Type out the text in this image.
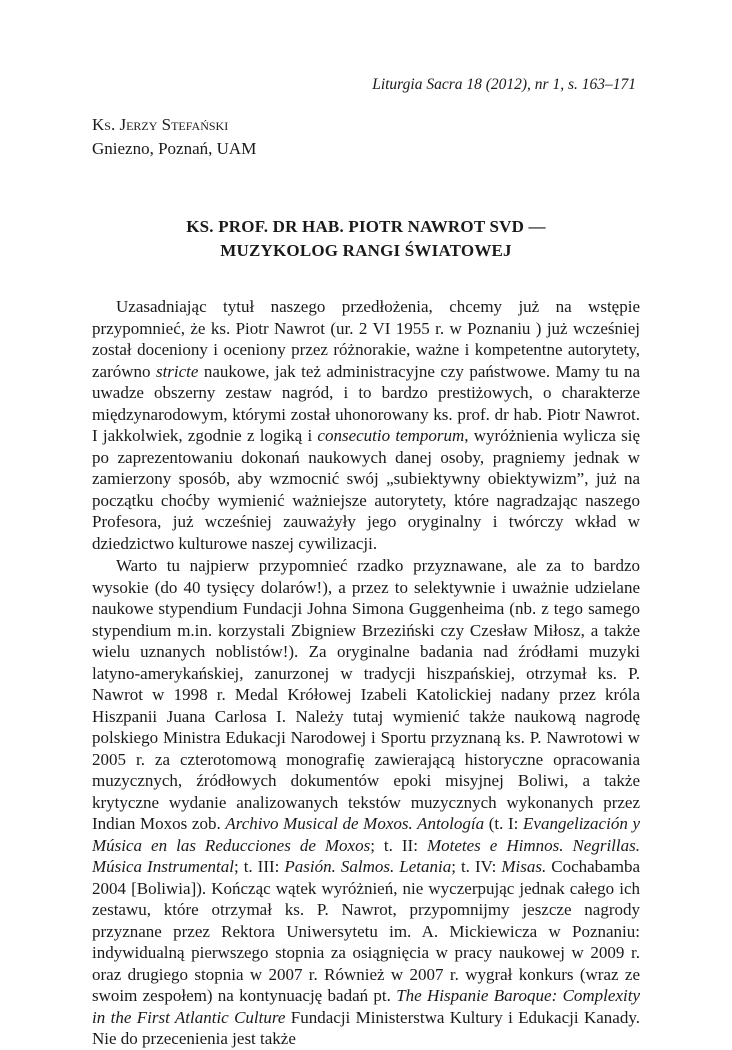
Liturgia Sacra 18 (2012), nr 1, s. 163–171
Ks. Jerzy Stefański
Gniezno, Poznań, UAM
KS. PROF. DR HAB. PIOTR NAWROT SVD —
MUZYKOLOG RANGI ŚWIATOWEJ

Uzasadniając tytuł naszego przedłożenia, chcemy już na wstępie przypomnieć, że ks. Piotr Nawrot (ur. 2 VI 1955 r. w Poznaniu ) już wcześniej został doceniony i oceniony przez różnorakie, ważne i kompetentne autorytety, zarówno stricte naukowe, jak też administracyjne czy państwowe. Mamy tu na uwadze obszerny zestaw nagród, i to bardzo prestiżowych, o charakterze międzynarodowym, którymi został uhonorowany ks. prof. dr hab. Piotr Nawrot. I jakkolwiek, zgodnie z logiką i consecutio temporum, wyróżnienia wylicza się po zaprezentowaniu dokonań naukowych danej osoby, pragniemy jednak w zamierzony sposób, aby wzmocnić swój „subiektywny obiektywizm”, już na początku choćby wymienić ważniejsze autorytety, które nagradzając naszego Profesora, już wcześniej zauważyły jego oryginalny i twórczy wkład w dziedzictwo kulturowe naszej cywilizacji.

Warto tu najpierw przypomnieć rzadko przyznawane, ale za to bardzo wysokie (do 40 tysięcy dolarów!), a przez to selektywnie i uważnie udzielane naukowe stypendium Fundacji Johna Simona Guggenheima (nb. z tego samego stypendium m.in. korzystali Zbigniew Brzeziński czy Czesław Miłosz, a także wielu uznanych noblistów!). Za oryginalne badania nad źródłami muzyki latyno-amerykańskiej, zanurzonej w tradycji hiszpańskiej, otrzymał ks. P. Nawrot w 1998 r. Medal Krółowej Izabeli Katolickiej nadany przez króla Hiszpanii Juana Carlosa I. Należy tutaj wymienić także naukową nagrodę polskiego Ministra Edukacji Narodowej i Sportu przyznaną ks. P. Nawrotowi w 2005 r. za czterotomową monografię zawierającą historyczne opracowania muzycznych, źródłowych dokumentów epoki misyjnej Boliwi, a także krytyczne wydanie analizowanych tekstów muzycznych wykonanych przez Indian Moxos zob. Archivo Musical de Moxos. Antología (t. I: Evangelización y Música en las Reducciones de Moxos; t. II: Motetes e Himnos. Negrillas. Música Instrumental; t. III: Pasión. Salmos. Letania; t. IV: Misas. Cochabamba 2004 [Boliwia]). Kończąc wątek wyróżnień, nie wyczerpując jednak całego ich zestawu, które otrzymał ks. P. Nawrot, przypomnijmy jeszcze nagrody przyznane przez Rektora Uniwersytetu im. A. Mickiewicza w Poznaniu: indywidualną pierwszego stopnia za osiągnięcia w pracy naukowej w 2009 r. oraz drugiego stopnia w 2007 r. Również w 2007 r. wygrał konkurs (wraz ze swoim zespołem) na kontynuację badań pt. The Hispanie Baroque: Complexity in the First Atlantic Culture Fundacji Ministerstwa Kultury i Edukacji Kanady. Nie do przecenienia jest także
